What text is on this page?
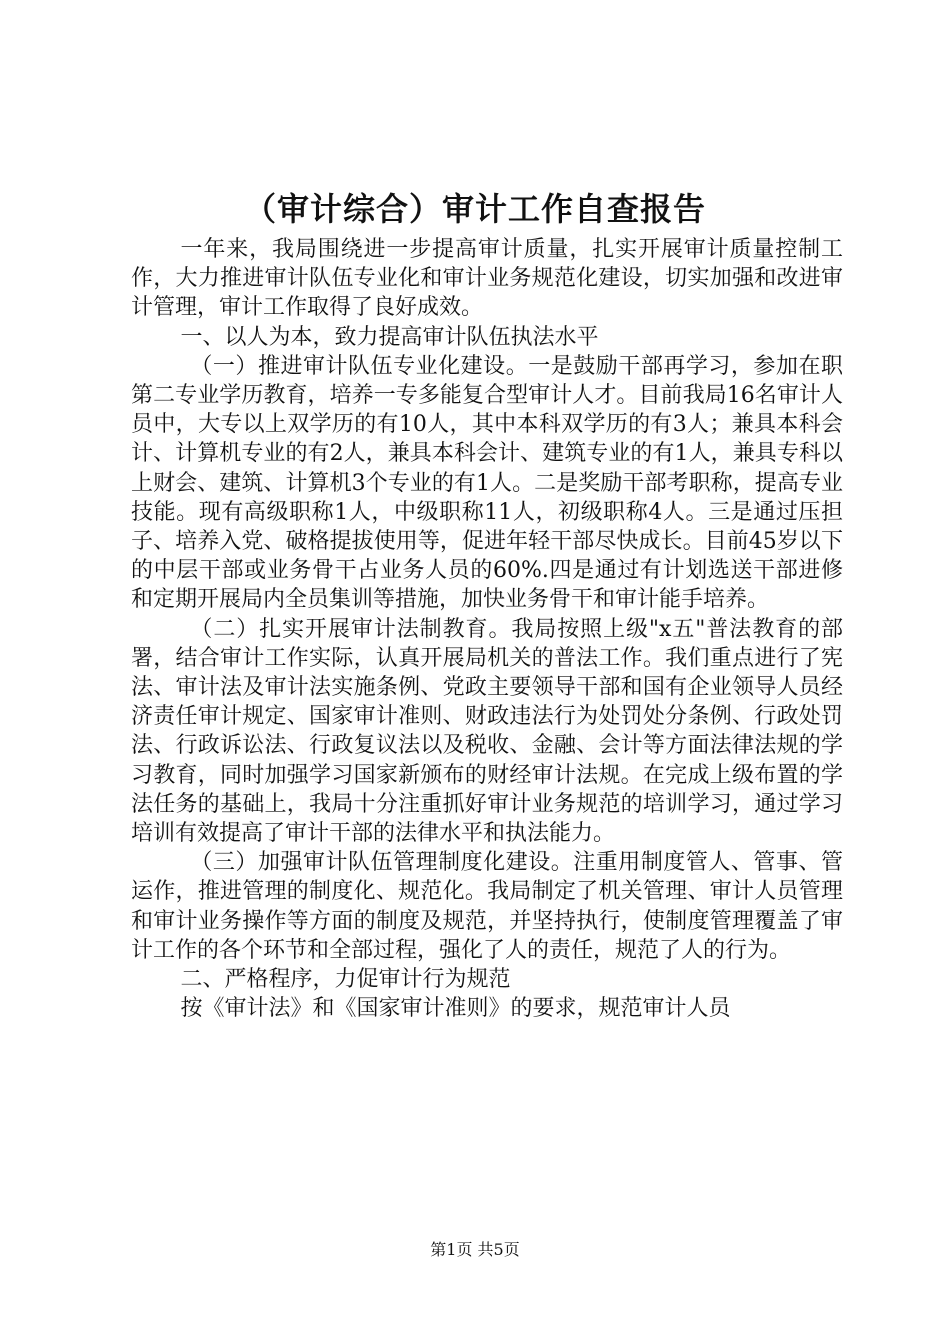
（审计综合）审计工作自查报告

一年来，我局围绕进一步提高审计质量，扎实开展审计质量控制工作，大力推进审计队伍专业化和审计业务规范化建设，切实加强和改进审计管理，审计工作取得了良好成效。

一、以人为本，致力提高审计队伍执法水平

（一）推进审计队伍专业化建设。一是鼓励干部再学习，参加在职第二专业学历教育，培养一专多能复合型审计人才。目前我局16名审计人员中，大专以上双学历的有10人，其中本科双学历的有3人；兼具本科会计、计算机专业的有2人，兼具本科会计、建筑专业的有1人，兼具专科以上财会、建筑、计算机3个专业的有1人。二是奖励干部考职称，提高专业技能。现有高级职称1人，中级职称11人，初级职称4人。三是通过压担子、培养入党、破格提拔使用等，促进年轻干部尽快成长。目前45岁以下的中层干部或业务骨干占业务人员的60%.四是通过有计划选送干部进修和定期开展局内全员集训等措施，加快业务骨干和审计能手培养。

（二）扎实开展审计法制教育。我局按照上级"x五"普法教育的部署，结合审计工作实际，认真开展局机关的普法工作。我们重点进行了宪法、审计法及审计法实施条例、党政主要领导干部和国有企业领导人员经济责任审计规定、国家审计准则、财政违法行为处罚处分条例、行政处罚法、行政诉讼法、行政复议法以及税收、金融、会计等方面法律法规的学习教育，同时加强学习国家新颁布的财经审计法规。在完成上级布置的学法任务的基础上，我局十分注重抓好审计业务规范的培训学习，通过学习培训有效提高了审计干部的法律水平和执法能力。

（三）加强审计队伍管理制度化建设。注重用制度管人、管事、管运作，推进管理的制度化、规范化。我局制定了机关管理、审计人员管理和审计业务操作等方面的制度及规范，并坚持执行，使制度管理覆盖了审计工作的各个环节和全部过程，强化了人的责任，规范了人的行为。

二、严格程序，力促审计行为规范

按《审计法》和《国家审计准则》的要求，规范审计人员

第1页 共5页
